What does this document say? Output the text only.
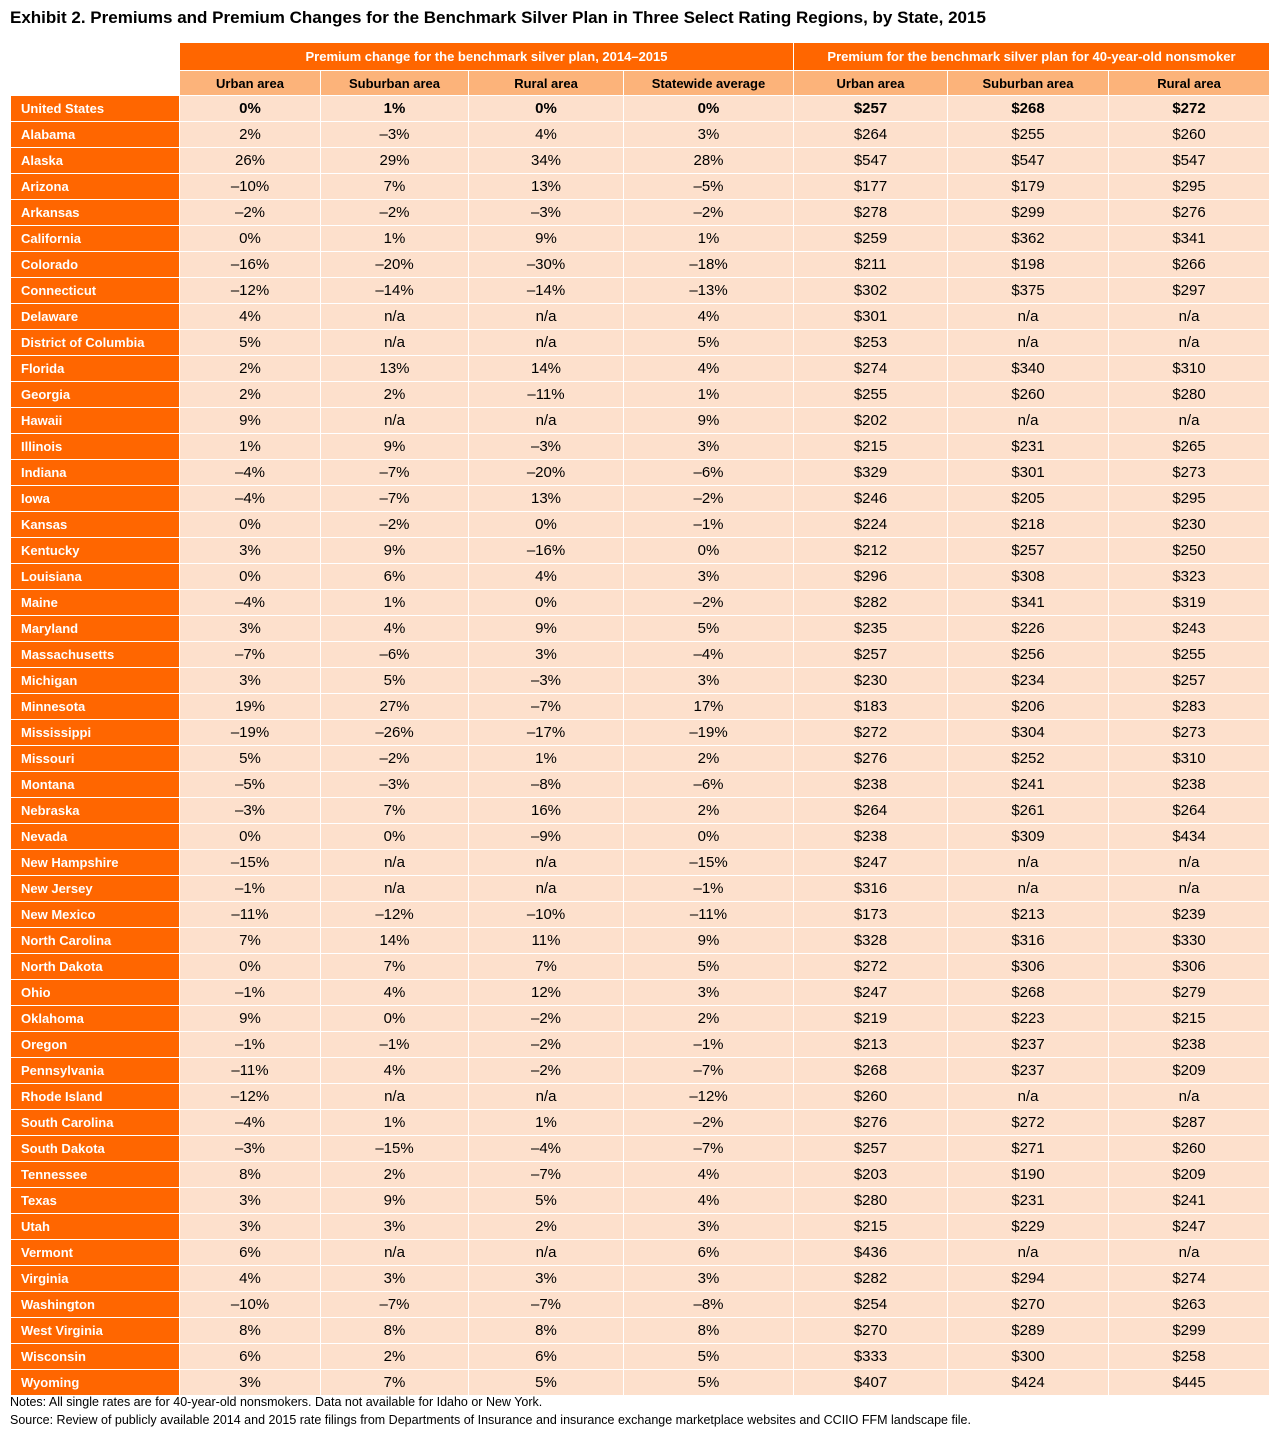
Exhibit 2. Premiums and Premium Changes for the Benchmark Silver Plan in Three Select Rating Regions, by State, 2015
	Premium change for the benchmark silver plan, 2014–2015				Premium for the benchmark silver plan for 40-year-old nonsmoker		
	Urban area	Suburban area	Rural area	Statewide average	Urban area	Suburban area	Rural area
United States	0%	1%	0%	0%	$257	$268	$272
Alabama	2%	–3%	4%	3%	$264	$255	$260
Alaska	26%	29%	34%	28%	$547	$547	$547
Arizona	–10%	7%	13%	–5%	$177	$179	$295
Arkansas	–2%	–2%	–3%	–2%	$278	$299	$276
California	0%	1%	9%	1%	$259	$362	$341
Colorado	–16%	–20%	–30%	–18%	$211	$198	$266
Connecticut	–12%	–14%	–14%	–13%	$302	$375	$297
Delaware	4%	n/a	n/a	4%	$301	n/a	n/a
District of Columbia	5%	n/a	n/a	5%	$253	n/a	n/a
Florida	2%	13%	14%	4%	$274	$340	$310
Georgia	2%	2%	–11%	1%	$255	$260	$280
Hawaii	9%	n/a	n/a	9%	$202	n/a	n/a
Illinois	1%	9%	–3%	3%	$215	$231	$265
Indiana	–4%	–7%	–20%	–6%	$329	$301	$273
Iowa	–4%	–7%	13%	–2%	$246	$205	$295
Kansas	0%	–2%	0%	–1%	$224	$218	$230
Kentucky	3%	9%	–16%	0%	$212	$257	$250
Louisiana	0%	6%	4%	3%	$296	$308	$323
Maine	–4%	1%	0%	–2%	$282	$341	$319
Maryland	3%	4%	9%	5%	$235	$226	$243
Massachusetts	–7%	–6%	3%	–4%	$257	$256	$255
Michigan	3%	5%	–3%	3%	$230	$234	$257
Minnesota	19%	27%	–7%	17%	$183	$206	$283
Mississippi	–19%	–26%	–17%	–19%	$272	$304	$273
Missouri	5%	–2%	1%	2%	$276	$252	$310
Montana	–5%	–3%	–8%	–6%	$238	$241	$238
Nebraska	–3%	7%	16%	2%	$264	$261	$264
Nevada	0%	0%	–9%	0%	$238	$309	$434
New Hampshire	–15%	n/a	n/a	–15%	$247	n/a	n/a
New Jersey	–1%	n/a	n/a	–1%	$316	n/a	n/a
New Mexico	–11%	–12%	–10%	–11%	$173	$213	$239
North Carolina	7%	14%	11%	9%	$328	$316	$330
North Dakota	0%	7%	7%	5%	$272	$306	$306
Ohio	–1%	4%	12%	3%	$247	$268	$279
Oklahoma	9%	0%	–2%	2%	$219	$223	$215
Oregon	–1%	–1%	–2%	–1%	$213	$237	$238
Pennsylvania	–11%	4%	–2%	–7%	$268	$237	$209
Rhode Island	–12%	n/a	n/a	–12%	$260	n/a	n/a
South Carolina	–4%	1%	1%	–2%	$276	$272	$287
South Dakota	–3%	–15%	–4%	–7%	$257	$271	$260
Tennessee	8%	2%	–7%	4%	$203	$190	$209
Texas	3%	9%	5%	4%	$280	$231	$241
Utah	3%	3%	2%	3%	$215	$229	$247
Vermont	6%	n/a	n/a	6%	$436	n/a	n/a
Virginia	4%	3%	3%	3%	$282	$294	$274
Washington	–10%	–7%	–7%	–8%	$254	$270	$263
West Virginia	8%	8%	8%	8%	$270	$289	$299
Wisconsin	6%	2%	6%	5%	$333	$300	$258
Wyoming	3%	7%	5%	5%	$407	$424	$445
Notes: All single rates are for 40-year-old nonsmokers. Data not available for Idaho or New York.
Source: Review of publicly available 2014 and 2015 rate filings from Departments of Insurance and insurance exchange marketplace websites and CCIIO FFM landscape file.
